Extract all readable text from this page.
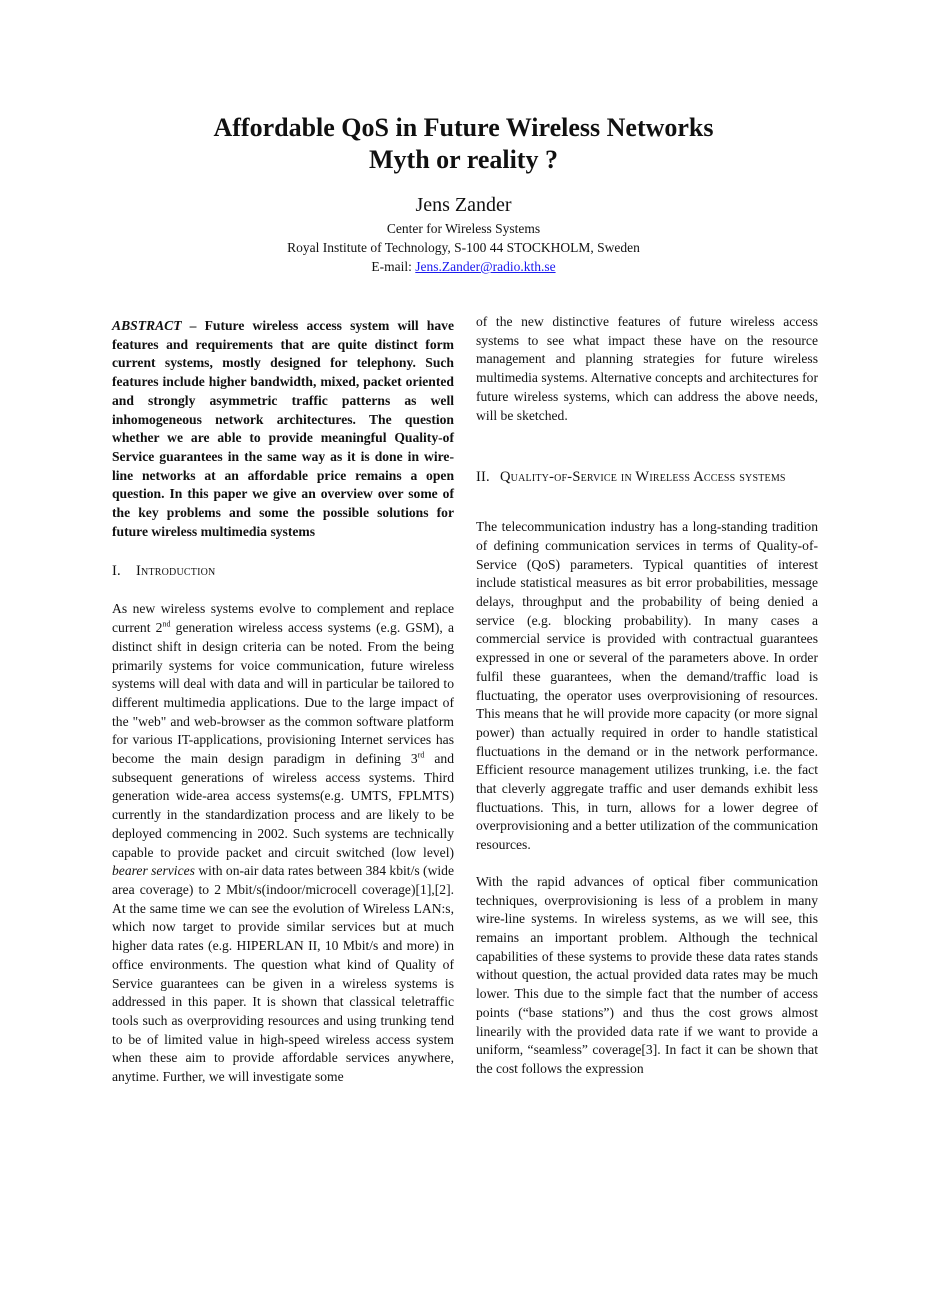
Affordable QoS in Future Wireless Networks
Myth or reality ?
Jens Zander
Center for Wireless Systems
Royal Institute of Technology, S-100 44 STOCKHOLM, Sweden
E-mail: Jens.Zander@radio.kth.se

ABSTRACT – Future wireless access system will have features and requirements that are quite distinct form current systems, mostly designed for telephony. Such features include higher bandwidth, mixed, packet oriented and strongly asymmetric traffic patterns as well inhomogeneous network architectures. The question whether we are able to provide meaningful Quality-of Service guarantees in the same way as it is done in wire-line networks at an affordable price remains a open question. In this paper we give an overview over some of the key problems and some the possible solutions for future wireless multimedia systems

I. Introduction

As new wireless systems evolve to complement and replace current 2nd generation wireless access systems (e.g. GSM), a distinct shift in design criteria can be noted. From the being primarily systems for voice communication, future wireless systems will deal with data and will in particular be tailored to different multimedia applications. Due to the large impact of the "web" and web-browser as the common software platform for various IT-applications, provisioning Internet services has become the main design paradigm in defining 3rd and subsequent generations of wireless access systems. Third generation wide-area access systems(e.g. UMTS, FPLMTS) currently in the standardization process and are likely to be deployed commencing in 2002. Such systems are technically capable to provide packet and circuit switched (low level) bearer services with on-air data rates between 384 kbit/s (wide area coverage) to 2 Mbit/s(indoor/microcell coverage)[1],[2]. At the same time we can see the evolution of Wireless LAN:s, which now target to provide similar services but at much higher data rates (e.g. HIPERLAN II, 10 Mbit/s and more) in office environments. The question what kind of Quality of Service guarantees can be given in a wireless systems is addressed in this paper. It is shown that classical teletraffic tools such as overproviding resources and using trunking tend to be of limited value in high-speed wireless access system when these aim to provide affordable services anywhere, anytime. Further, we will investigate some

of the new distinctive features of future wireless access systems to see what impact these have on the resource management and planning strategies for future wireless multimedia systems. Alternative concepts and architectures for future wireless systems, which can address the above needs, will be sketched.

II. Quality-of-Service in Wireless Access systems

The telecommunication industry has a long-standing tradition of defining communication services in terms of Quality-of-Service (QoS) parameters. Typical quantities of interest include statistical measures as bit error probabilities, message delays, throughput and the probability of being denied a service (e.g. blocking probability). In many cases a commercial service is provided with contractual guarantees expressed in one or several of the parameters above. In order fulfil these guarantees, when the demand/traffic load is fluctuating, the operator uses overprovisioning of resources. This means that he will provide more capacity (or more signal power) than actually required in order to handle statistical fluctuations in the demand or in the network performance. Efficient resource management utilizes trunking, i.e. the fact that cleverly aggregate traffic and user demands exhibit less fluctuations. This, in turn, allows for a lower degree of overprovisioning and a better utilization of the communication resources.

With the rapid advances of optical fiber communication techniques, overprovisioning is less of a problem in many wire-line systems. In wireless systems, as we will see, this remains an important problem. Although the technical capabilities of these systems to provide these data rates stands without question, the actual provided data rates may be much lower. This due to the simple fact that the number of access points (“base stations”) and thus the cost grows almost linearily with the provided data rate if we want to provide a uniform, “seamless” coverage[3]. In fact it can be shown that the cost follows the expression
